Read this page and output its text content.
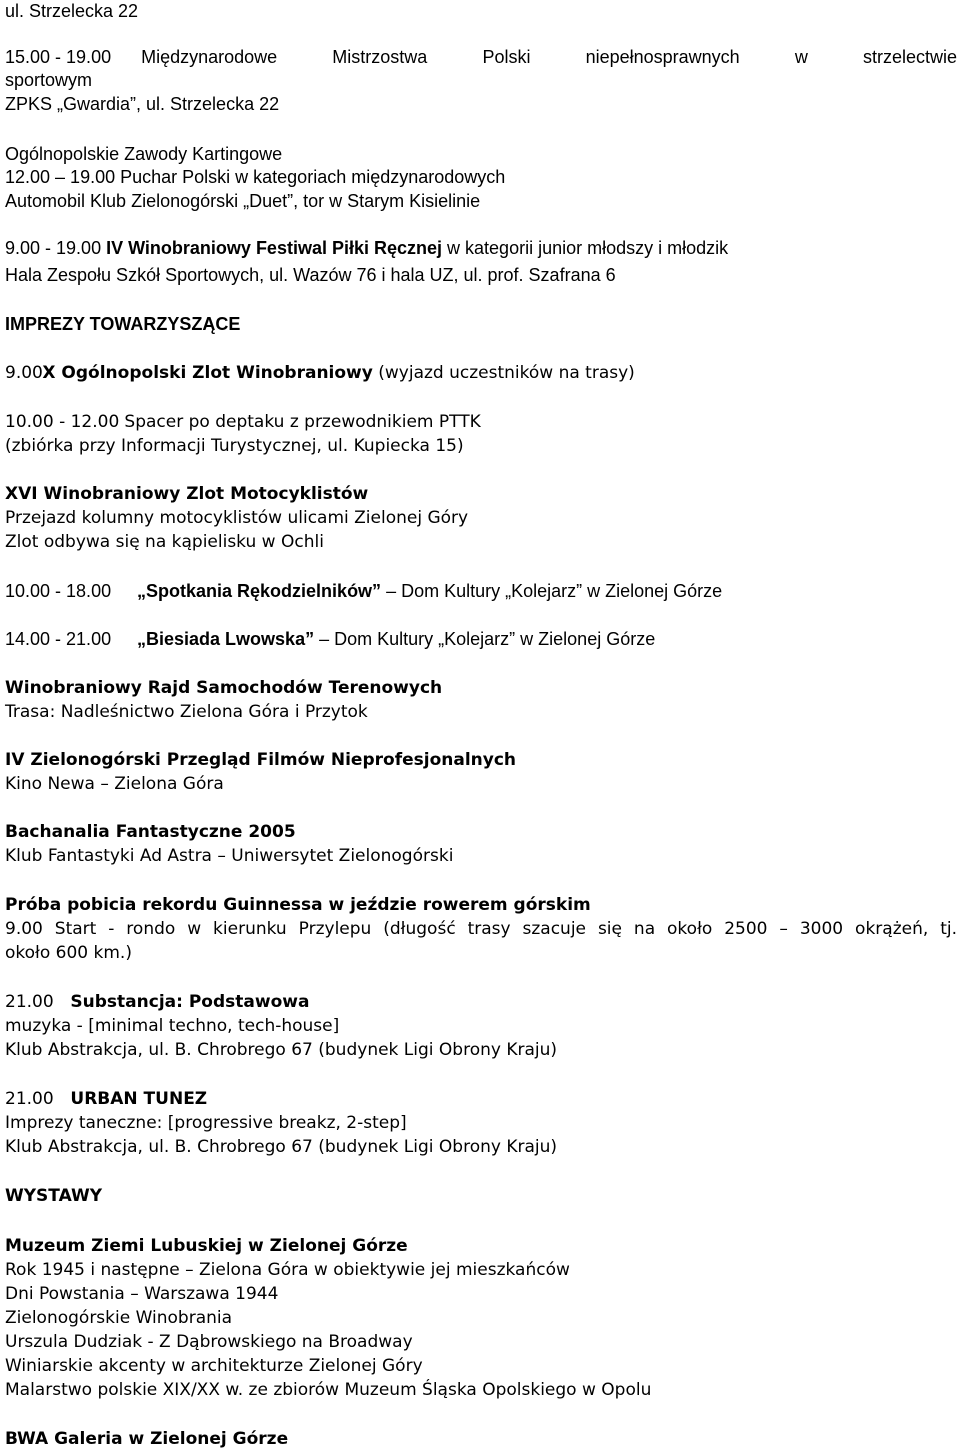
ul. Strzelecka 22
15.00 - 19.00 Międzynarodowe Mistrzostwa Polski niepełnosprawnych w strzelectwie
sportowym
ZPKS „Gwardia”, ul. Strzelecka 22
Ogólnopolskie Zawody Kartingowe
12.00 – 19.00 Puchar Polski w kategoriach międzynarodowych
Automobil Klub Zielonogórski „Duet”, tor w Starym Kisielinie
9.00 - 19.00 IV Winobraniowy Festiwal Piłki Ręcznej w kategorii junior młodszy i młodzik
Hala Zespołu Szkół Sportowych, ul. Wazów 76 i hala UZ, ul. prof. Szafrana 6
IMPREZY TOWARZYSZĄCE
9.00 X Ogólnopolski Zlot Winobraniowy (wyjazd uczestników na trasy)
10.00 - 12.00 Spacer po deptaku z przewodnikiem PTTK
(zbiórka przy Informacji Turystycznej, ul. Kupiecka 15)
XVI Winobraniowy Zlot Motocyklistów
Przejazd kolumny motocyklistów ulicami Zielonej Góry
Zlot odbywa się na kąpielisku w Ochli
10.00 - 18.00 „Spotkania Rękodzielników” – Dom Kultury „Kolejarz” w Zielonej Górze
14.00 - 21.00 „Biesiada Lwowska” – Dom Kultury „Kolejarz” w Zielonej Górze
Winobraniowy Rajd Samochodów Terenowych
Trasa: Nadleśnictwo Zielona Góra i Przytok
IV Zielonogórski Przegląd Filmów Nieprofesjonalnych
Kino Newa – Zielona Góra
Bachanalia Fantastyczne 2005
Klub Fantastyki Ad Astra – Uniwersytet Zielonogórski
Próba pobicia rekordu Guinnessa w jeździe rowerem górskim
9.00 Start - rondo w kierunku Przylepu (długość trasy szacuje się na około 2500 – 3000 okrążeń, tj.
około 600 km.)
21.00 Substancja: Podstawowa
muzyka - [minimal techno, tech-house]
Klub Abstrakcja, ul. B. Chrobrego 67 (budynek Ligi Obrony Kraju)
21.00 URBAN TUNEZ
Imprezy taneczne: [progressive breakz, 2-step]
Klub Abstrakcja, ul. B. Chrobrego 67 (budynek Ligi Obrony Kraju)
WYSTAWY
Muzeum Ziemi Lubuskiej w Zielonej Górze
Rok 1945 i następne – Zielona Góra w obiektywie jej mieszkańców
Dni Powstania – Warszawa 1944
Zielonogórskie Winobrania
Urszula Dudziak - Z Dąbrowskiego na Broadway
Winiarskie akcenty w architekturze Zielonej Góry
Malarstwo polskie XIX/XX w. ze zbiorów Muzeum Śląska Opolskiego w Opolu
BWA Galeria w Zielonej Górze
